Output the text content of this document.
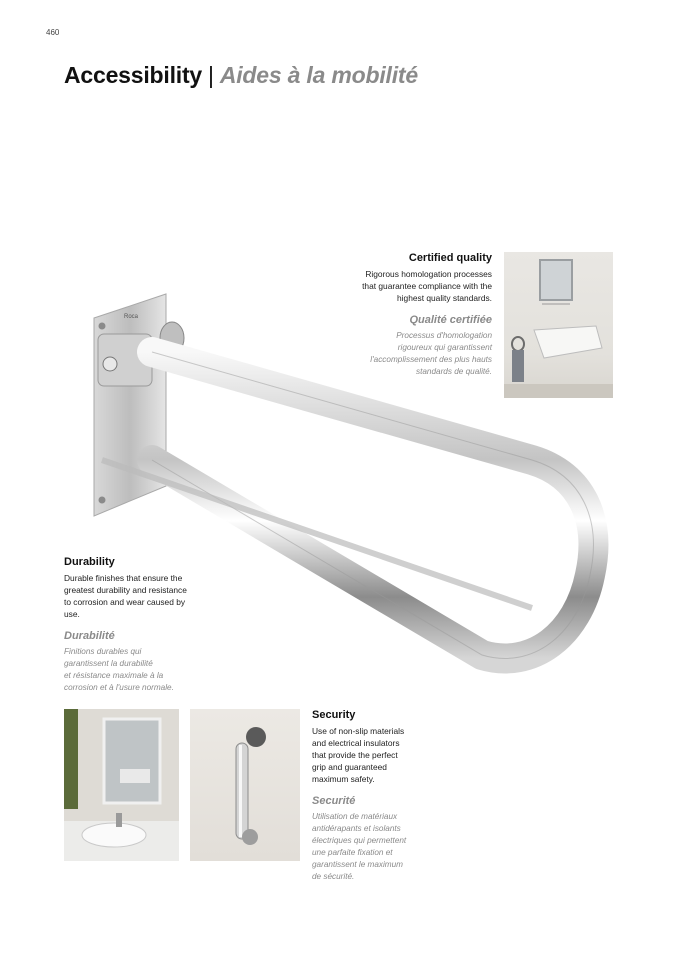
460
Accessibility | Aides à la mobilité
Roca
Certified quality

Rigorous homologation processes
that guarantee compliance with the
highest quality standards.

Qualité certifiée

Processus d'homologation
rigoureux qui garantissent
l'accomplissement des plus hauts
standards de qualité.

Durability

Durable finishes that ensure the
greatest durability and resistance
to corrosion and wear caused by
use.

Durabilité

Finitions durables qui
garantissent la durabilité
et résistance maximale à la
corrosion et à l'usure normale.

Security

Use of non-slip materials
and electrical insulators
that provide the perfect
grip and guaranteed
maximum safety.

Securité

Utilisation de matériaux
antidérapants et isolants
électriques qui permettent
une parfaite fixation et
garantissent le maximum
de sécurité.
